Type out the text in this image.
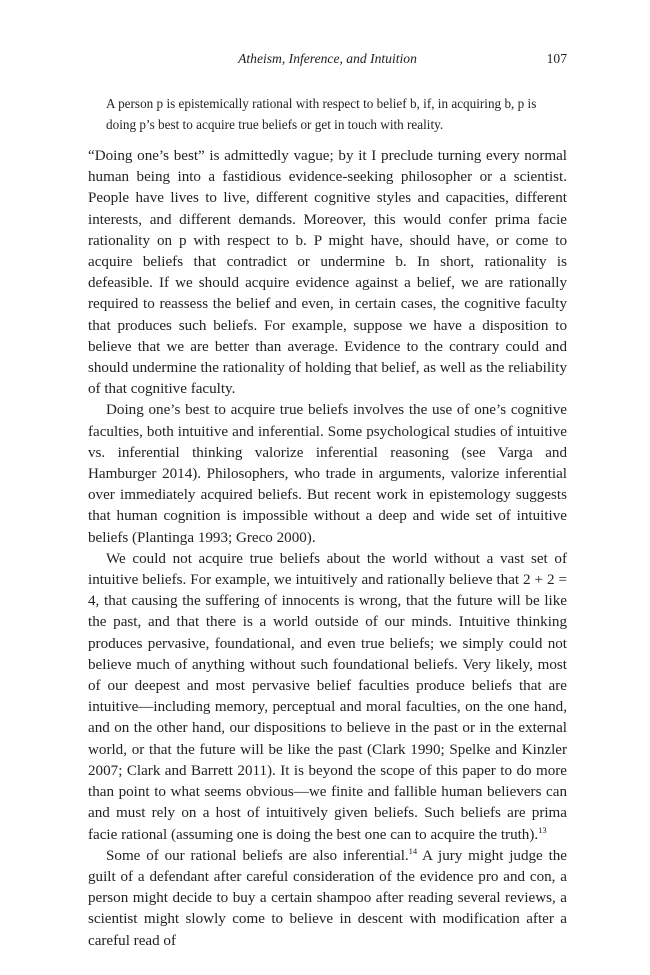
Atheism, Inference, and Intuition	107

A person p is epistemically rational with respect to belief b, if, in acquiring b, p is doing p’s best to acquire true beliefs or get in touch with reality.

“Doing one’s best” is admittedly vague; by it I preclude turning every normal human being into a fastidious evidence-seeking philosopher or a scientist. People have lives to live, different cognitive styles and capacities, different interests, and different demands. Moreover, this would confer prima facie rationality on p with respect to b. P might have, should have, or come to acquire beliefs that contradict or undermine b. In short, rationality is defeasible. If we should acquire evidence against a belief, we are rationally required to reassess the belief and even, in certain cases, the cognitive faculty that produces such beliefs. For example, suppose we have a disposition to believe that we are better than average. Evidence to the contrary could and should undermine the rationality of holding that belief, as well as the reliability of that cognitive faculty.

Doing one’s best to acquire true beliefs involves the use of one’s cognitive faculties, both intuitive and inferential. Some psychological studies of intuitive vs. inferential thinking valorize inferential reasoning (see Varga and Hamburger 2014). Philosophers, who trade in arguments, valorize inferential over immediately acquired beliefs. But recent work in epistemology suggests that human cognition is impossible without a deep and wide set of intuitive beliefs (Plantinga 1993; Greco 2000).

We could not acquire true beliefs about the world without a vast set of intuitive beliefs. For example, we intuitively and rationally believe that 2 + 2 = 4, that causing the suffering of innocents is wrong, that the future will be like the past, and that there is a world outside of our minds. Intuitive thinking produces pervasive, foundational, and even true beliefs; we simply could not believe much of anything without such foundational beliefs. Very likely, most of our deepest and most pervasive belief faculties produce beliefs that are intuitive—including memory, perceptual and moral faculties, on the one hand, and on the other hand, our dispositions to believe in the past or in the external world, or that the future will be like the past (Clark 1990; Spelke and Kinzler 2007; Clark and Barrett 2011). It is beyond the scope of this paper to do more than point to what seems obvious—we finite and fallible human believers can and must rely on a host of intuitively given beliefs. Such beliefs are prima facie rational (assuming one is doing the best one can to acquire the truth).$^{13}$

Some of our rational beliefs are also inferential.$^{14}$ A jury might judge the guilt of a defendant after careful consideration of the evidence pro and con, a person might decide to buy a certain shampoo after reading several reviews, a scientist might slowly come to believe in descent with modification after a careful read of
